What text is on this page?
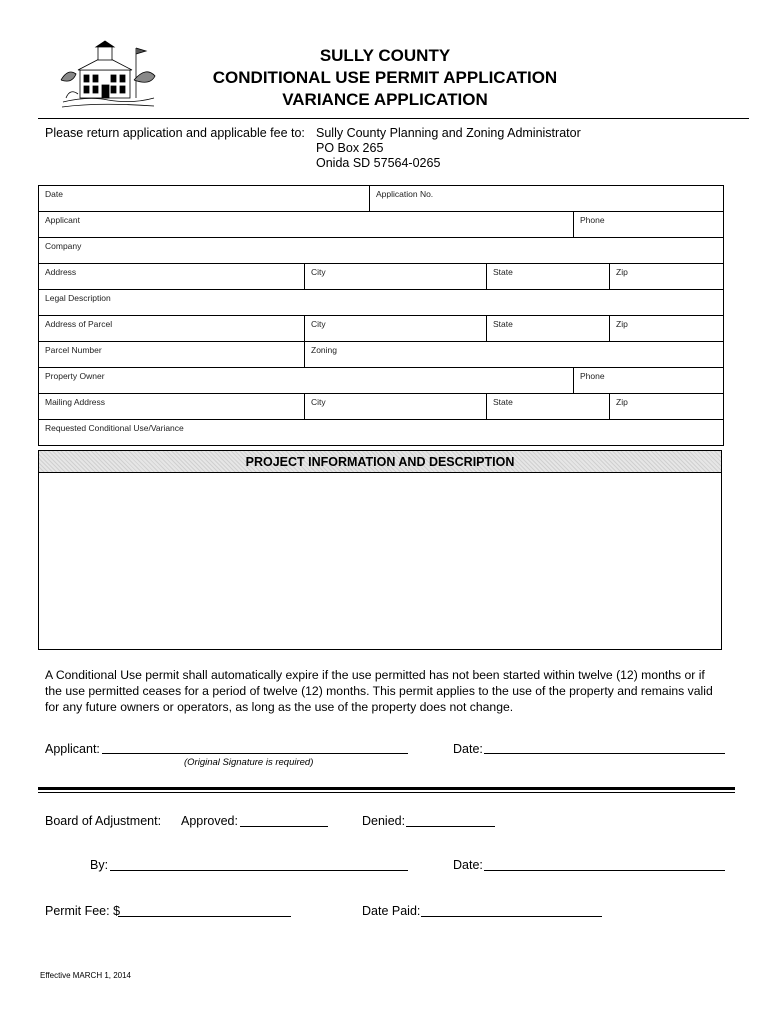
SULLY COUNTY
CONDITIONAL USE PERMIT APPLICATION
VARIANCE APPLICATION
Please return application and applicable fee to: Sully County Planning and Zoning Administrator
PO Box 265
Onida SD 57564-0265
Date	Application No.
Applicant	Phone
Company
Address	City	State	Zip
Legal Description
Address of Parcel	City	State	Zip
Parcel Number	Zoning
Property Owner	Phone
Mailing Address	City	State	Zip
Requested Conditional Use/Variance
PROJECT INFORMATION AND DESCRIPTION
A Conditional Use permit shall automatically expire if the use permitted has not been started within twelve (12) months or if the use permitted ceases for a period of twelve (12) months. This permit applies to the use of the property and remains valid for any future owners or operators, as long as the use of the property does not change.
Applicant:
(Original Signature is required)
Date:
Board of Adjustment: Approved:	Denied:
By:	Date:
Permit Fee: $	Date Paid:
Effective MARCH 1, 2014
